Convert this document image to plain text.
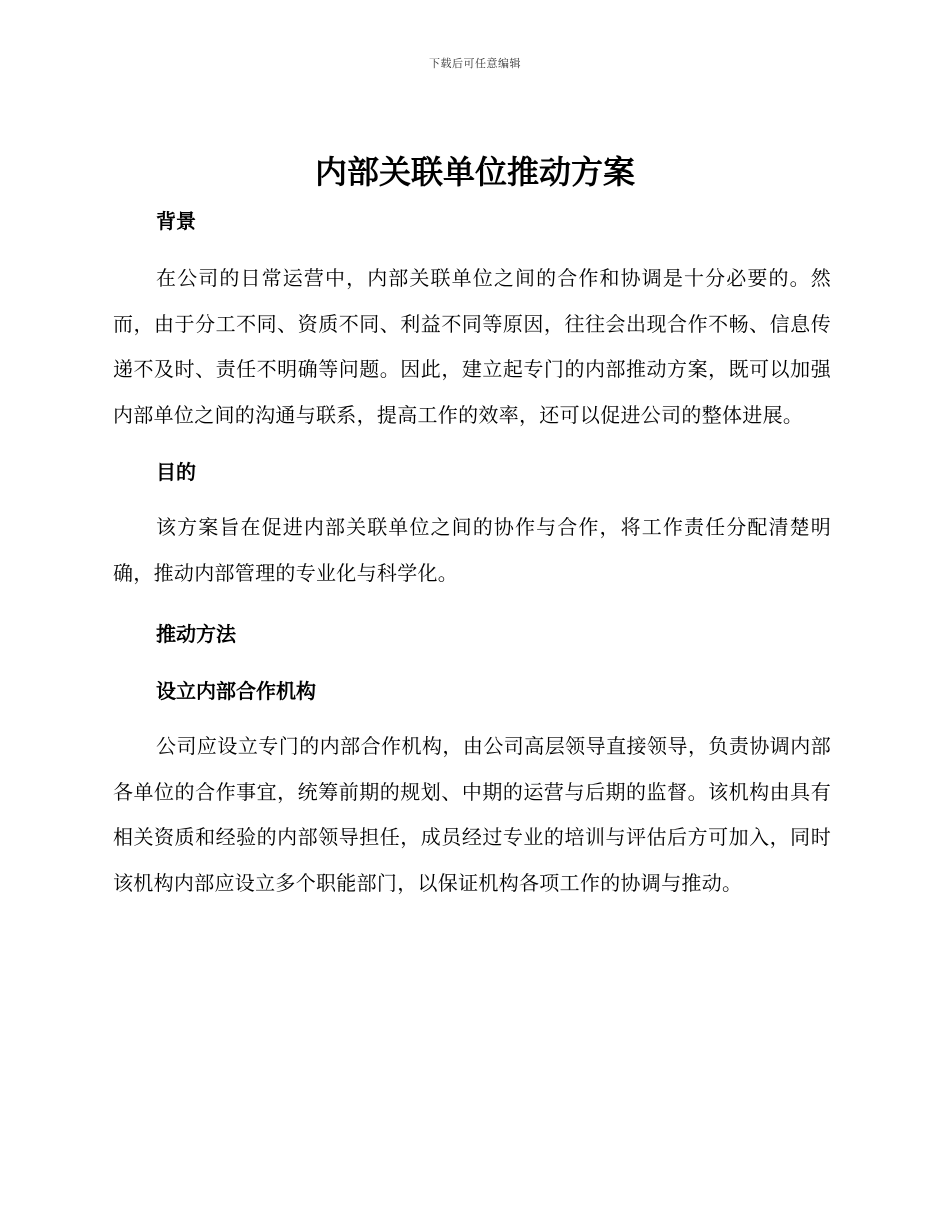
下载后可任意编辑
内部关联单位推动方案
背景

在公司的日常运营中，内部关联单位之间的合作和协调是十分必要的。然而，由于分工不同、资质不同、利益不同等原因，往往会出现合作不畅、信息传递不及时、责任不明确等问题。因此，建立起专门的内部推动方案，既可以加强内部单位之间的沟通与联系，提高工作的效率，还可以促进公司的整体进展。

目的

该方案旨在促进内部关联单位之间的协作与合作，将工作责任分配清楚明确，推动内部管理的专业化与科学化。

推动方法
设立内部合作机构

公司应设立专门的内部合作机构，由公司高层领导直接领导，负责协调内部各单位的合作事宜，统筹前期的规划、中期的运营与后期的监督。该机构由具有相关资质和经验的内部领导担任，成员经过专业的培训与评估后方可加入，同时该机构内部应设立多个职能部门，以保证机构各项工作的协调与推动。
